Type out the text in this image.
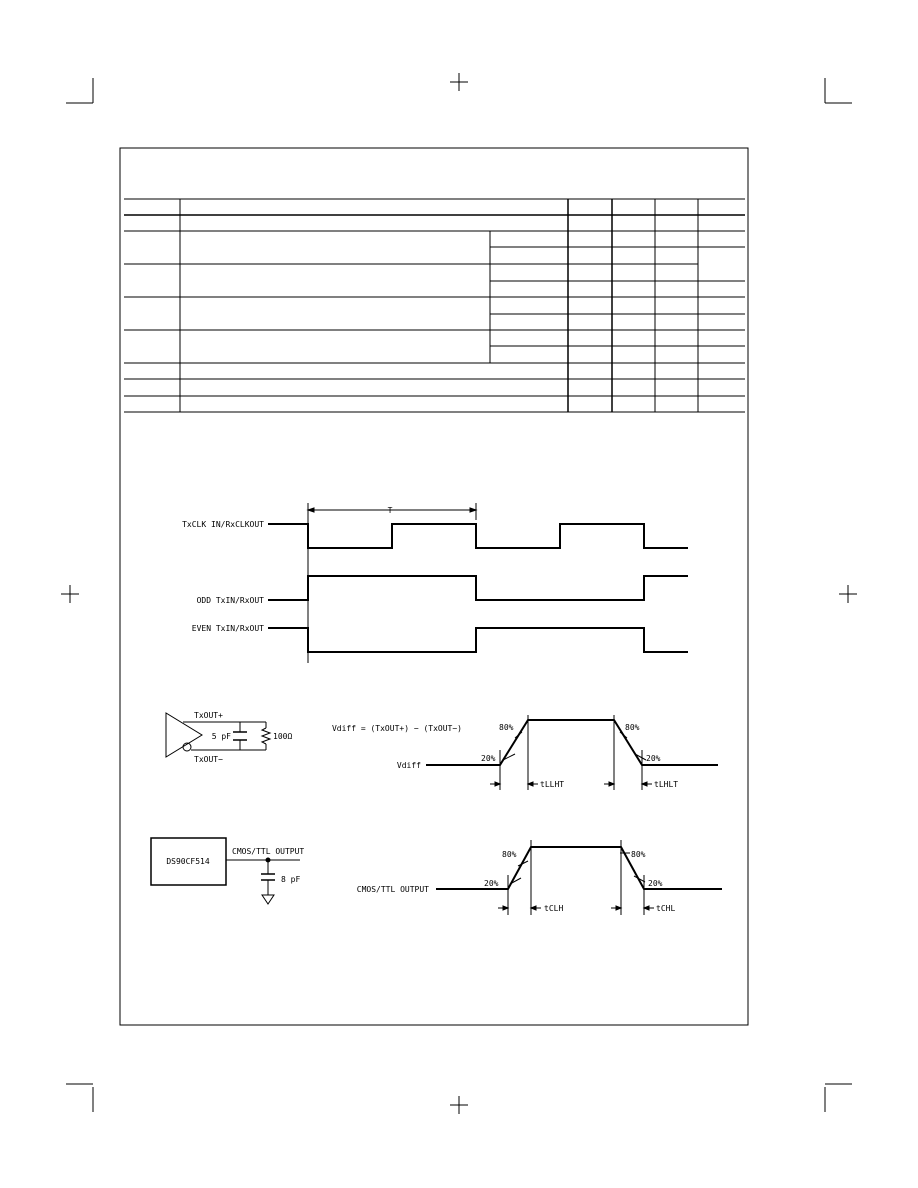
T
TxCLK IN/RxCLKOUT
ODD TxIN/RxOUT
EVEN TxIN/RxOUT
TxOUT+
TxOUT−
5 pF	100Ω
Vdiff = (TxOUT+) − (TxOUT−)
Vdiff
80%	80%
20%	20%
tLLHT	tLHLT
DS90CF514
CMOS/TTL OUTPUT
8 pF
CMOS/TTL OUTPUT
80%	80%
20%	20%
tCLH	tCHL
